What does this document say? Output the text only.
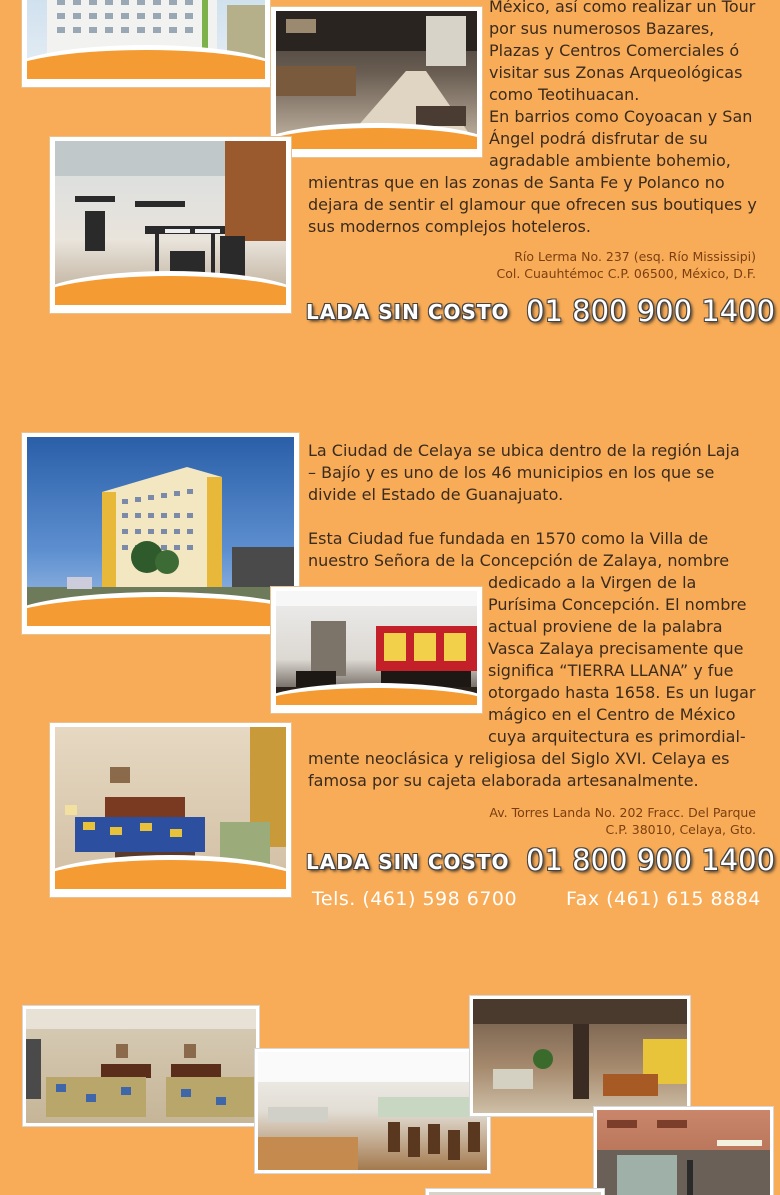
México, así como realizar un Tour
por sus numerosos Bazares,
Plazas y Centros Comerciales ó
visitar sus Zonas Arqueológicas
como Teotihuacan.
En barrios como Coyoacan y San
Ángel podrá disfrutar de su
agradable ambiente bohemio,
mientras que en las zonas de Santa Fe y Polanco no
dejara de sentir el glamour que ofrecen sus boutiques y
sus modernos complejos hoteleros.
Río Lerma No. 237 (esq. Río Mississipi)
Col. Cuauhtémoc C.P. 06500, México, D.F.
LADA SIN COSTO 01 800 900 1400
La Ciudad de Celaya se ubica dentro de la región Laja
– Bajío y es uno de los 46 municipios en los que se
divide el Estado de Guanajuato.
Esta Ciudad fue fundada en 1570 como la Villa de
nuestro Señora de la Concepción de Zalaya, nombre
dedicado a la Virgen de la
Purísima Concepción. El nombre
actual proviene de la palabra
Vasca Zalaya precisamente que
significa “TIERRA LLANA” y fue
otorgado hasta 1658. Es un lugar
mágico en el Centro de México
cuya arquitectura es primordial-
mente neoclásica y religiosa del Siglo XVI. Celaya es
famosa por su cajeta elaborada artesanalmente.
Av. Torres Landa No. 202 Fracc. Del Parque
C.P. 38010, Celaya, Gto.
LADA SIN COSTO 01 800 900 1400
Tels. (461) 598 6700	Fax (461) 615 8884
